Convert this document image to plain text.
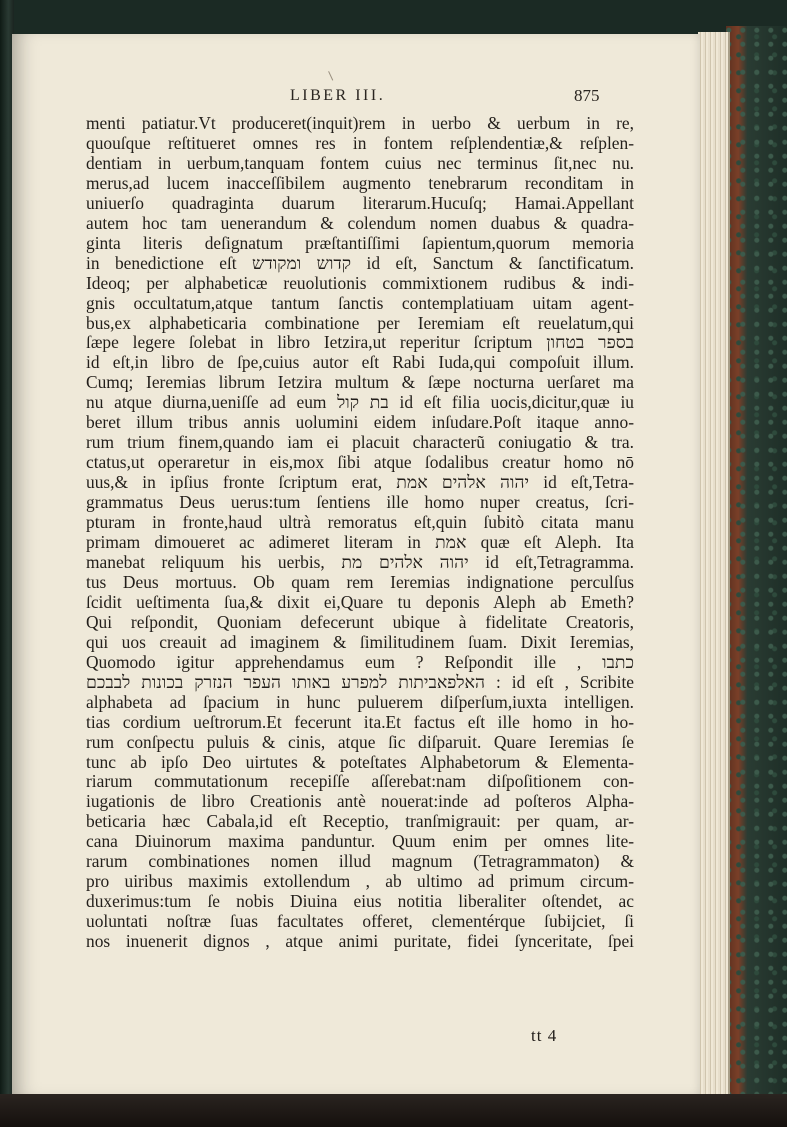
LIBER III.	875
menti patiatur.Vt produceret(inquit)rem in uerbo & uerbum in re,
quouſque reſtitueret omnes res in fontem reſplendentiæ,& reſplen-
dentiam in uerbum,tanquam fontem cuius nec terminus ſit,nec nu.
merus,ad lucem inacceſſibilem augmento tenebrarum reconditam in
uniuerſo quadraginta duarum literarum.Hucuſq; Hamai.Appellant
autem hoc tam uenerandum & colendum nomen duabus & quadra-
ginta literis deſignatum præſtantiſſimi ſapientum,quorum memoria
in benedictione eſt קדוש ומקודש id eſt, Sanctum & ſanctificatum.
Ideoq; per alphabeticæ reuolutionis commixtionem rudibus & indi-
gnis occultatum,atque tantum ſanctis contemplatiuam uitam agent-
bus,ex alphabeticaria combinatione per Ieremiam eſt reuelatum,qui
ſæpe legere ſolebat in libro Ietzira,ut reperitur ſcriptum בספר בטחון
id eſt,in libro de ſpe,cuius autor eſt Rabi Iuda,qui compoſuit illum.
Cumq; Ieremias librum Ietzira multum & ſæpe nocturna uerſaret ma
nu atque diurna,ueniſſe ad eum בת קול id eſt filia uocis,dicitur,quæ iu
beret illum tribus annis uolumini eidem inſudare.Poſt itaque anno-
rum trium finem,quando iam ei placuit characterũ coniugatio & tra.
ctatus,ut operaretur in eis,mox ſibi atque ſodalibus creatur homo nō
uus,& in ipſius fronte ſcriptum erat, יהוה אלהים אמת id eſt,Tetra-
grammatus Deus uerus:tum ſentiens ille homo nuper creatus, ſcri-
pturam in fronte,haud ultrà remoratus eſt,quin ſubitò citata manu
primam dimoueret ac adimeret literam in אמת quæ eſt Aleph. Ita
manebat reliquum his uerbis, יהוה אלהים מת id eſt,Tetragramma.
tus Deus mortuus. Ob quam rem Ieremias indignatione perculſus
ſcidit ueſtimenta ſua,& dixit ei,Quare tu deponis Aleph ab Emeth?
Qui reſpondit, Quoniam defecerunt ubique à fidelitate Creatoris,
qui uos creauit ad imaginem & ſimilitudinem ſuam. Dixit Ieremias,
Quomodo igitur apprehendamus eum ? Reſpondit ille , כתבו
האלפאביתות למפרע באותו העפר הנזרק בכונות לבבכם : id eſt , Scribite
alphabeta ad ſpacium in hunc puluerem diſperſum,iuxta intelligen.
tias cordium ueſtrorum.Et fecerunt ita.Et factus eſt ille homo in ho-
rum conſpectu puluis & cinis, atque ſic diſparuit. Quare Ieremias ſe
tunc ab ipſo Deo uirtutes & poteſtates Alphabetorum & Elementa-
riarum commutationum recepiſſe aſſerebat:nam diſpoſitionem con-
iugationis de libro Creationis antè nouerat:inde ad poſteros Alpha-
beticaria hæc Cabala,id eſt Receptio, tranſmigrauit: per quam, ar-
cana Diuinorum maxima panduntur. Quum enim per omnes lite-
rarum combinationes nomen illud magnum (Tetragrammaton) &
pro uiribus maximis extollendum , ab ultimo ad primum circum-
duxerimus:tum ſe nobis Diuina eius notitia liberaliter oſtendet, ac
uoluntati noſtræ ſuas facultates offeret, clementérque ſubijciet, ſi
nos inuenerit dignos , atque animi puritate, fidei ſynceritate, ſpei
tt 4
